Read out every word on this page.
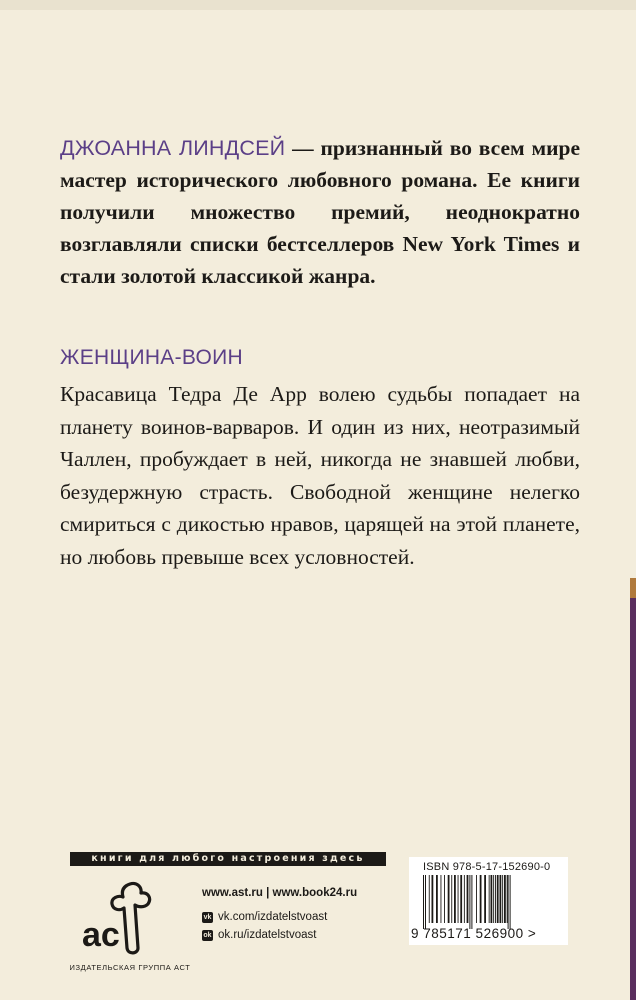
ДЖОАННА ЛИНДСЕЙ — признанный во всем мире мастер исторического любовного романа. Ее книги получили множество премий, неоднократно возглавляли списки бестселлеров New York Times и стали золотой классикой жанра.
ЖЕНЩИНА-ВОИН

Красавица Тедра Де Арр волею судьбы попадает на планету воинов-варваров. И один из них, неотразимый Чаллен, пробуждает в ней, никогда не знавшей любви, безудержную страсть. Свободной женщине нелегко смириться с дикостью нравов, царящей на этой планете, но любовь превыше всех условностей.

книги для любого настроения здесь
ac
ИЗДАТЕЛЬСКАЯ ГРУППА АСТ
www.ast.ru | www.book24.ru
vk vk.com/izdatelstvoast
ok ok.ru/izdatelstvoast
ISBN 978-5-17-152690-0
9 785171 526900 >
